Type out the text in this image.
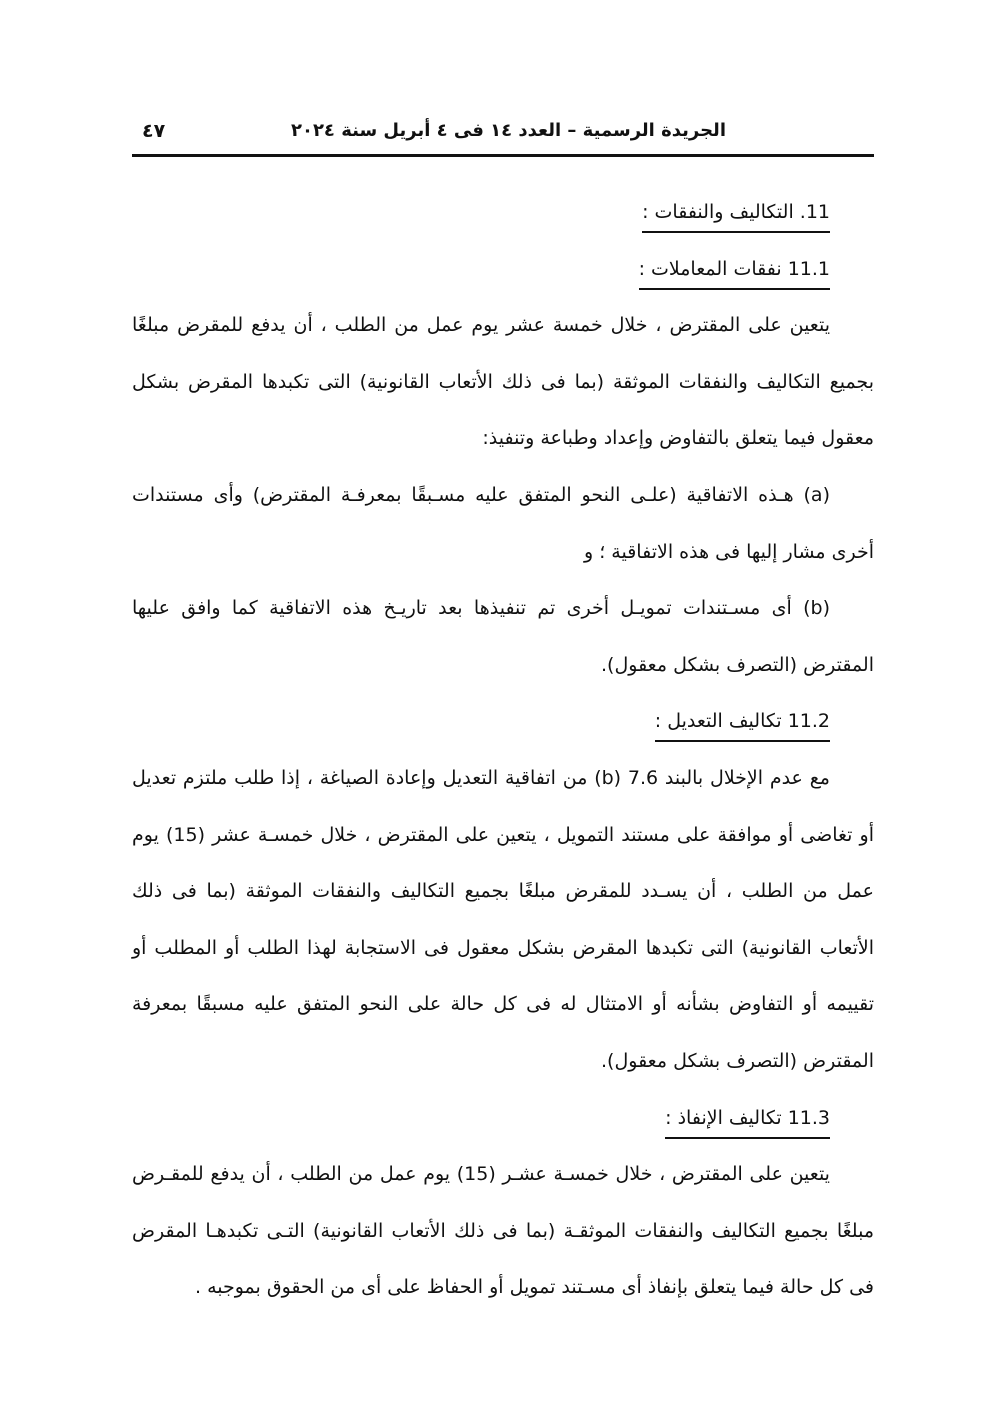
الجريدة الرسمية – العدد ١٤ فى ٤ أبريل سنة ٢٠٢٤
٤٧
11. التكاليف والنفقات :
11.1 نفقات المعاملات :

يتعين على المقترض ، خلال خمسة عشر يوم عمل من الطلب ، أن يدفع للمقرض مبلغًا بجميع التكاليف والنفقات الموثقة (بما فى ذلك الأتعاب القانونية) التى تكبدها المقرض بشكل معقول فيما يتعلق بالتفاوض وإعداد وطباعة وتنفيذ:

(a) هـذه الاتفاقية (علـى النحو المتفق عليه مسـبقًا بمعرفـة المقترض) وأى مستندات أخرى مشار إليها فى هذه الاتفاقية ؛ و

(b) أى مسـتندات تمويـل أخرى تم تنفيذها بعد تاريـخ هذه الاتفاقية كما وافق عليها المقترض (التصرف بشكل معقول).

11.2 تكاليف التعديل :

مع عدم الإخلال بالبند 7.6 (b) من اتفاقية التعديل وإعادة الصياغة ، إذا طلب ملتزم تعديل أو تغاضى أو موافقة على مستند التمويل ، يتعين على المقترض ، خلال خمسـة عشر (15) يوم عمل من الطلب ، أن يسـدد للمقرض مبلغًا بجميع التكاليف والنفقات الموثقة (بما فى ذلك الأتعاب القانونية) التى تكبدها المقرض بشكل معقول فى الاستجابة لهذا الطلب أو المطلب أو تقييمه أو التفاوض بشأنه أو الامتثال له فى كل حالة على النحو المتفق عليه مسبقًا بمعرفة المقترض (التصرف بشكل معقول).

11.3 تكاليف الإنفاذ :

يتعين على المقترض ، خلال خمسـة عشـر (15) يوم عمل من الطلب ، أن يدفع للمقـرض مبلغًا بجميع التكاليف والنفقات الموثقـة (بما فى ذلك الأتعاب القانونية) التـى تكبدهـا المقرض فى كل حالة فيما يتعلق بإنفاذ أى مسـتند تمويل أو الحفاظ على أى من الحقوق بموجبه .
